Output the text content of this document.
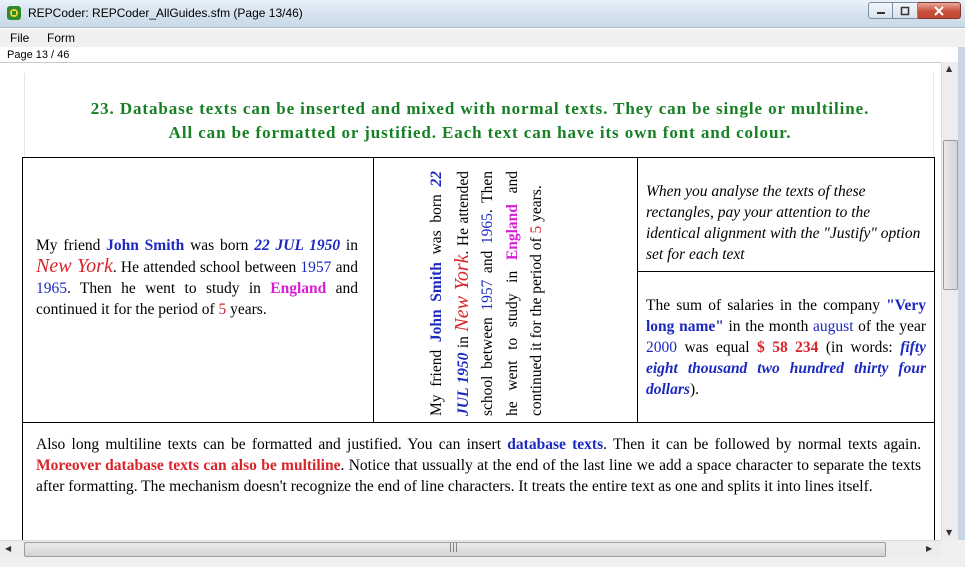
REPCoder: REPCoder_AllGuides.sfm (Page 13/46)
File Form
Page 13 / 46
23. Database texts can be inserted and mixed with normal texts. They can be single or multiline.
All can be formatted or justified. Each text can have its own font and colour.
My friend John Smith was born 22 JUL 1950 in New York. He attended school between 1957 and 1965. Then he went to study in England and continued it for the period of 5 years.
When you analyse the texts of these rectangles, pay your attention to the identical alignment with the "Justify" option set for each text
The sum of salaries in the company "Very long name" in the month august of the year 2000 was equal $ 58 234 (in words: fifty eight thousand two hundred thirty four dollars).
Also long multiline texts can be formatted and justified. You can insert database texts. Then it can be followed by normal texts again. Moreover database texts can also be multiline. Notice that ussually at the end of the last line we add a space character to separate the texts after formatting. The mechanism doesn't recognize the end of line characters. It treats the entire text as one and splits it into lines itself.
My friend John Smith was born 22 JUL 1950 in New York. He attended school between 1957 and 1965. Then he went to study in England and continued it for the period of 5 years.
▲
▼
◀	|||	▶
